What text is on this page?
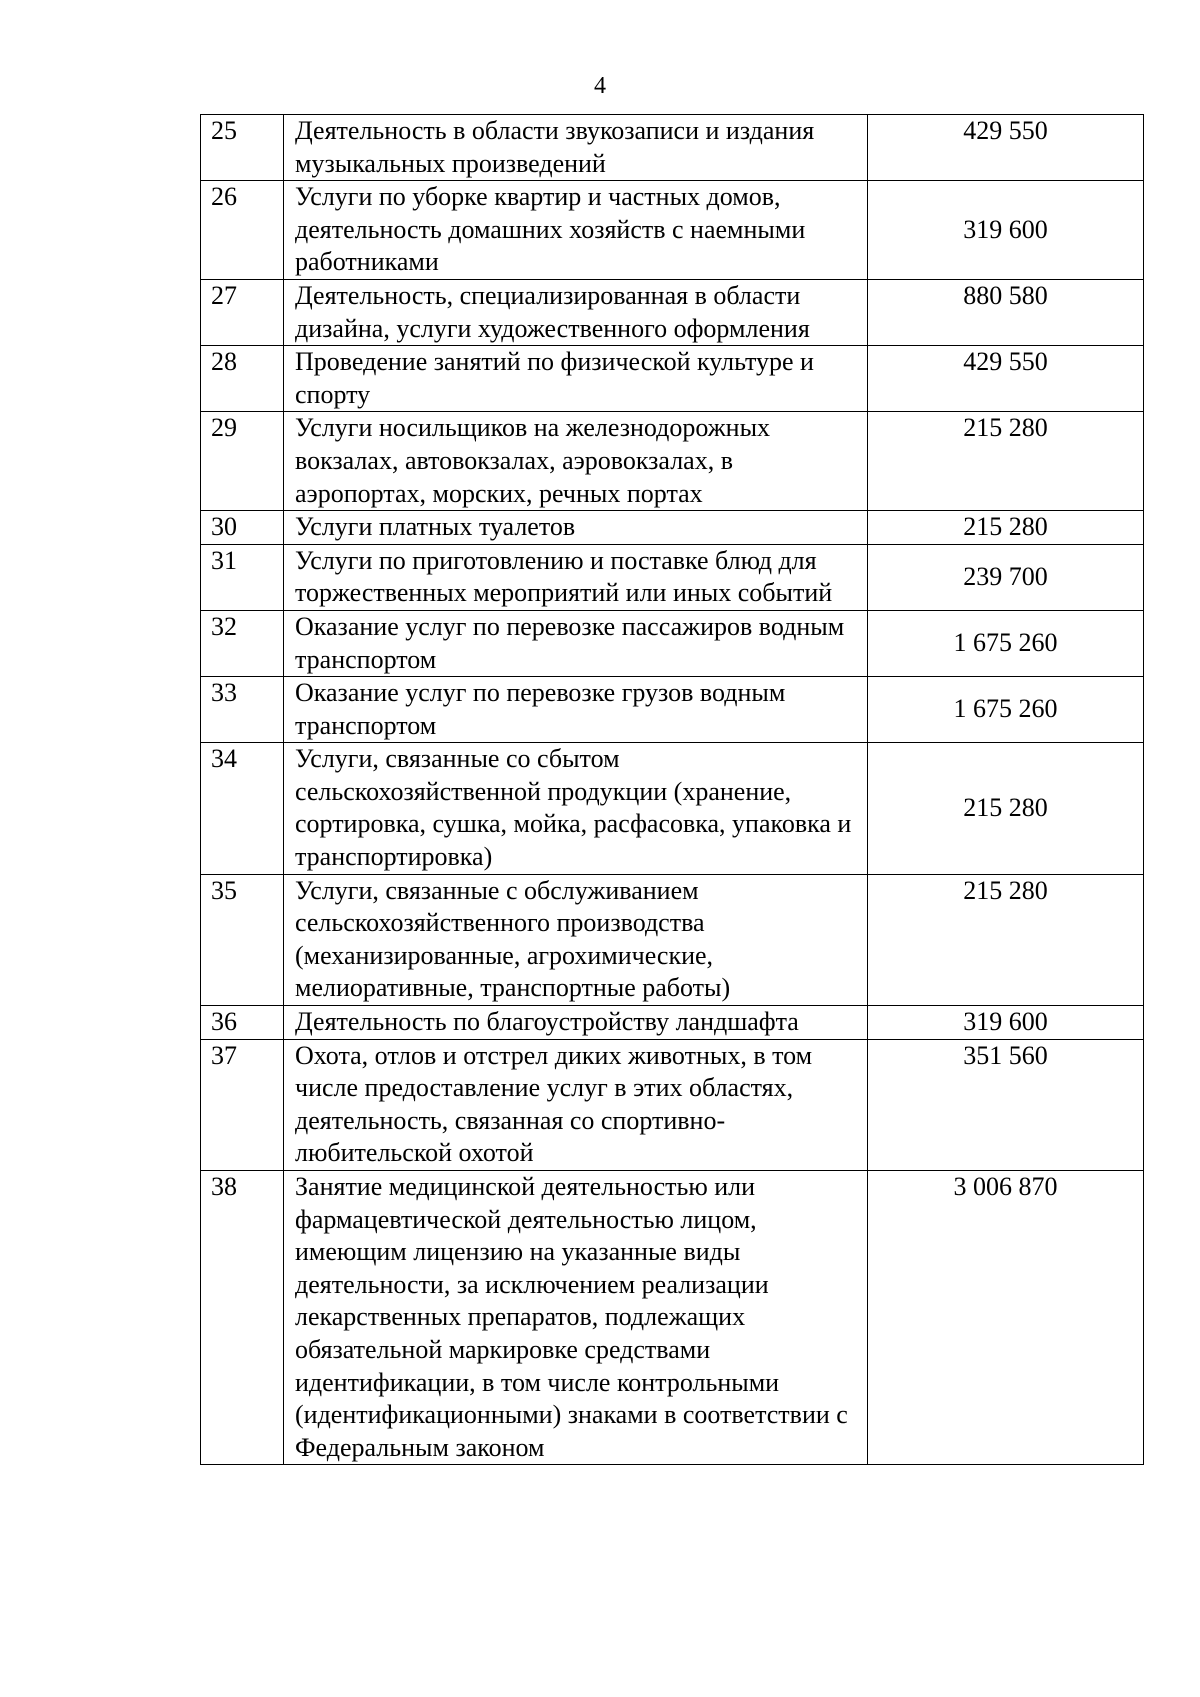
4
25	Деятельность в области звукозаписи и издания музыкальных произведений	429 550
26	Услуги по уборке квартир и частных домов, деятельность домашних хозяйств с наемными работниками	319 600
27	Деятельность, специализированная в области дизайна, услуги художественного оформления	880 580
28	Проведение занятий по физической культуре и спорту	429 550
29	Услуги носильщиков на железнодорожных вокзалах, автовокзалах, аэровокзалах, в аэропортах, морских, речных портах	215 280
30	Услуги платных туалетов	215 280
31	Услуги по приготовлению и поставке блюд для торжественных мероприятий или иных событий	239 700
32	Оказание услуг по перевозке пассажиров водным транспортом	1 675 260
33	Оказание услуг по перевозке грузов водным транспортом	1 675 260
34	Услуги, связанные со сбытом сельскохозяйственной продукции (хранение, сортировка, сушка, мойка, расфасовка, упаковка и транспортировка)	215 280
35	Услуги, связанные с обслуживанием сельскохозяйственного производства (механизированные, агрохимические, мелиоративные, транспортные работы)	215 280
36	Деятельность по благоустройству ландшафта	319 600
37	Охота, отлов и отстрел диких животных, в том числе предоставление услуг в этих областях, деятельность, связанная со спортивно-любительской охотой	351 560
38	Занятие медицинской деятельностью или фармацевтической деятельностью лицом, имеющим лицензию на указанные виды деятельности, за исключением реализации лекарственных препаратов, подлежащих обязательной маркировке средствами идентификации, в том числе контрольными (идентификационными) знаками в соответствии с Федеральным законом	3 006 870
